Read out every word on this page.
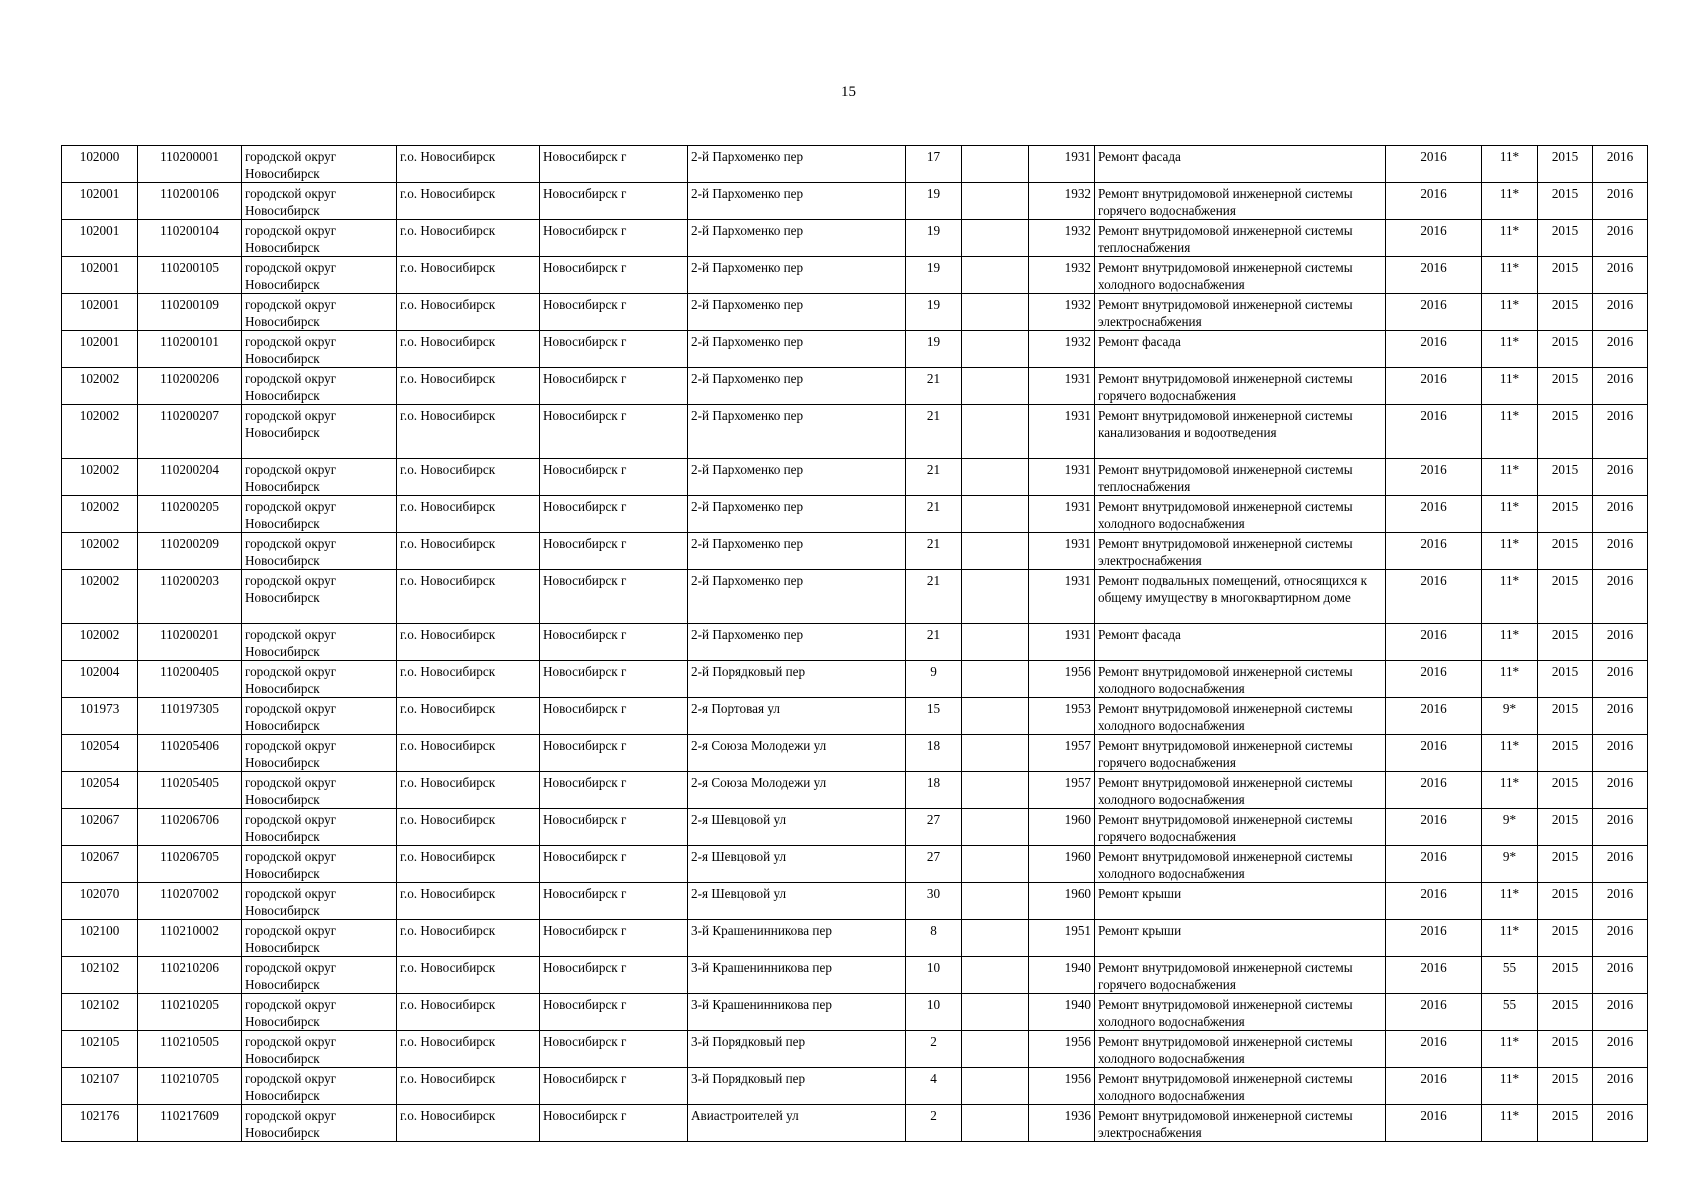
15
102000	110200001	городской округ Новосибирск	г.о. Новосибирск	Новосибирск г	2-й Пархоменко пер	17		1931	Ремонт фасада	2016	11*	2015	2016
102001	110200106	городской округ Новосибирск	г.о. Новосибирск	Новосибирск г	2-й Пархоменко пер	19		1932	Ремонт внутридомовой инженерной системы горячего водоснабжения	2016	11*	2015	2016
102001	110200104	городской округ Новосибирск	г.о. Новосибирск	Новосибирск г	2-й Пархоменко пер	19		1932	Ремонт внутридомовой инженерной системы теплоснабжения	2016	11*	2015	2016
102001	110200105	городской округ Новосибирск	г.о. Новосибирск	Новосибирск г	2-й Пархоменко пер	19		1932	Ремонт внутридомовой инженерной системы холодного водоснабжения	2016	11*	2015	2016
102001	110200109	городской округ Новосибирск	г.о. Новосибирск	Новосибирск г	2-й Пархоменко пер	19		1932	Ремонт внутридомовой инженерной системы электроснабжения	2016	11*	2015	2016
102001	110200101	городской округ Новосибирск	г.о. Новосибирск	Новосибирск г	2-й Пархоменко пер	19		1932	Ремонт фасада	2016	11*	2015	2016
102002	110200206	городской округ Новосибирск	г.о. Новосибирск	Новосибирск г	2-й Пархоменко пер	21		1931	Ремонт внутридомовой инженерной системы горячего водоснабжения	2016	11*	2015	2016
102002	110200207	городской округ Новосибирск	г.о. Новосибирск	Новосибирск г	2-й Пархоменко пер	21		1931	Ремонт внутридомовой инженерной системы канализования и водоотведения	2016	11*	2015	2016
102002	110200204	городской округ Новосибирск	г.о. Новосибирск	Новосибирск г	2-й Пархоменко пер	21		1931	Ремонт внутридомовой инженерной системы теплоснабжения	2016	11*	2015	2016
102002	110200205	городской округ Новосибирск	г.о. Новосибирск	Новосибирск г	2-й Пархоменко пер	21		1931	Ремонт внутридомовой инженерной системы холодного водоснабжения	2016	11*	2015	2016
102002	110200209	городской округ Новосибирск	г.о. Новосибирск	Новосибирск г	2-й Пархоменко пер	21		1931	Ремонт внутридомовой инженерной системы электроснабжения	2016	11*	2015	2016
102002	110200203	городской округ Новосибирск	г.о. Новосибирск	Новосибирск г	2-й Пархоменко пер	21		1931	Ремонт подвальных помещений, относящихся к общему имуществу в многоквартирном доме	2016	11*	2015	2016
102002	110200201	городской округ Новосибирск	г.о. Новосибирск	Новосибирск г	2-й Пархоменко пер	21		1931	Ремонт фасада	2016	11*	2015	2016
102004	110200405	городской округ Новосибирск	г.о. Новосибирск	Новосибирск г	2-й Порядковый пер	9		1956	Ремонт внутридомовой инженерной системы холодного водоснабжения	2016	11*	2015	2016
101973	110197305	городской округ Новосибирск	г.о. Новосибирск	Новосибирск г	2-я Портовая ул	15		1953	Ремонт внутридомовой инженерной системы холодного водоснабжения	2016	9*	2015	2016
102054	110205406	городской округ Новосибирск	г.о. Новосибирск	Новосибирск г	2-я Союза Молодежи ул	18		1957	Ремонт внутридомовой инженерной системы горячего водоснабжения	2016	11*	2015	2016
102054	110205405	городской округ Новосибирск	г.о. Новосибирск	Новосибирск г	2-я Союза Молодежи ул	18		1957	Ремонт внутридомовой инженерной системы холодного водоснабжения	2016	11*	2015	2016
102067	110206706	городской округ Новосибирск	г.о. Новосибирск	Новосибирск г	2-я Шевцовой ул	27		1960	Ремонт внутридомовой инженерной системы горячего водоснабжения	2016	9*	2015	2016
102067	110206705	городской округ Новосибирск	г.о. Новосибирск	Новосибирск г	2-я Шевцовой ул	27		1960	Ремонт внутридомовой инженерной системы холодного водоснабжения	2016	9*	2015	2016
102070	110207002	городской округ Новосибирск	г.о. Новосибирск	Новосибирск г	2-я Шевцовой ул	30		1960	Ремонт крыши	2016	11*	2015	2016
102100	110210002	городской округ Новосибирск	г.о. Новосибирск	Новосибирск г	3-й Крашенинникова пер	8		1951	Ремонт крыши	2016	11*	2015	2016
102102	110210206	городской округ Новосибирск	г.о. Новосибирск	Новосибирск г	3-й Крашенинникова пер	10		1940	Ремонт внутридомовой инженерной системы горячего водоснабжения	2016	55	2015	2016
102102	110210205	городской округ Новосибирск	г.о. Новосибирск	Новосибирск г	3-й Крашенинникова пер	10		1940	Ремонт внутридомовой инженерной системы холодного водоснабжения	2016	55	2015	2016
102105	110210505	городской округ Новосибирск	г.о. Новосибирск	Новосибирск г	3-й Порядковый пер	2		1956	Ремонт внутридомовой инженерной системы холодного водоснабжения	2016	11*	2015	2016
102107	110210705	городской округ Новосибирск	г.о. Новосибирск	Новосибирск г	3-й Порядковый пер	4		1956	Ремонт внутридомовой инженерной системы холодного водоснабжения	2016	11*	2015	2016
102176	110217609	городской округ Новосибирск	г.о. Новосибирск	Новосибирск г	Авиастроителей ул	2		1936	Ремонт внутридомовой инженерной системы электроснабжения	2016	11*	2015	2016
